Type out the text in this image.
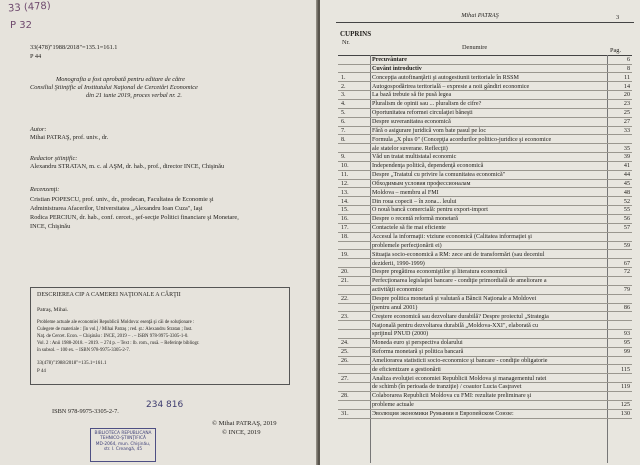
33 (478)
P 32
33(478)"1988/2018"=135.1=161.1
P 44
Monografia a fost aprobată pentru editare de către
Consiliul Ştiinţific al Institutului Naţional de Cercetări Economice
din 21 iunie 2019, proces verbal nr. 2.
Autor:
Mihai PATRAŞ, prof. univ., dr.
Redactor ştiinţific:
Alexandru STRATAN, m. c. al AŞM, dr. hab., prof., director INCE, Chişinău
Recenzenţi:
Cristian POPESCU, prof. univ., dr., prodecan, Facultatea de Economie şi
Administrarea Afacerilor, Universitatea „Alexandru Ioan Cuza", Iaşi
Rodica PERCIUN, dr. hab., conf. cercet., şef-secţie Politici financiare şi Monetare,
INCE, Chişinău
DESCRIEREA CIP A CAMEREI NAŢIONALE A CĂRŢII
Patraş, Mihai.
Probleme actuale ale economiei Republicii Moldova: esenţă şi căi de soluţionare :
Culegere de materiale : [în vol.] / Mihai Patraş ; red. şt.: Alexandru Stratan ; Inst.
Naţ. de Cercet. Econ. – Chişinău : INCE, 2019 – . – ISBN 978-9975-3305-1-0.
Vol. 2 : Anii 1988-2018. – 2019. – 274 p. – Text : lb. rom., rusă. – Referinţe bibliogr.
în subsol. – 100 ex. – ISBN 978-9975-3305-2-7.
33(478)"1988/2018"=135.1=161.1
P 44
ISBN 978-9975-3305-2-7.
234 816
© Mihai PATRAŞ, 2019
© INCE, 2019
BIBLIOTECA REPUBLICANA
TEHNICO-ŞTIINŢIFICĂ
MD-2064, mun. Chişinău,
str. I. Creangă, 45
Mihai PATRAŞ	3
CUPRINS
Nr.
Denumire	Pag.
Precuvântare	6
Cuvânt introductiv	8
1.	Concepţia autofinanţării şi autogestiunii teritoriale în RSSM	11
2.	Autogospodărirea teritorială – expresie a noii gândiri economice	14
3.	La bază trebuie să fie pusă legea	20
4.	Pluralism de opinii sau ... pluralism de cifre?	23
5.	Oportunitatea reformei circulaţiei băneşti	25
6.	Despre suveranitatea economică	27
7.	Fără o asigurare juridică vom bate pasul pe loc	33
8.	Formula „X plus 0" (Concepţia acordurilor politico-juridice şi economice
ale statelor suverane. Reflecţii)	35
9.	Văd un tratat multistatal economic	39
10.	Independenţa politică, dependenţă economică	41
11.	Despre „Tratatul cu privire la comunitatea economică"	44
12.	Обходимым условия профессионалам	45
13.	Moldova – membru al FMI	48
14.	Din roua copecii – în zona... leului	52
15.	O nouă bancă comercială: pentru export-import	55
16.	Despre o recentă reformă monetară	56
17.	Contactele să fie mai eficiente	57
18.	Accesul la informaţii: viziune economică (Calitatea informaţiei şi
problemele perfecţionării ei)	59
19.	Situaţia socio-economică a RM: zece ani de transformări (sau deceniul
deziderii, 1990-1999)	67
20.	Despre pregătirea economiştilor şi literatura economică	72
21.	Perfecţionarea legislaţiei bancare - condiţie primordială de ameliorare a
activităţii economice	79
22.	Despre politica monetară şi valutară a Băncii Naţionale a Moldovei
(pentru anul 2001)	86
23.	Creştere economică sau dezvoltare durabilă? Despre proiectul „Strategia
Naţională pentru dezvoltarea durabilă „Moldova-XXI", elaborată cu
sprijinul PNUD (2000)	93
24.	Moneda euro şi perspectiva dolarului	95
25.	Reforma monetară şi politica bancară	99
26.	Ameliorarea statisticii socio-economice şi bancare - condiţie obligatorie
de eficientizare a gestionării	115
27.	Analiza evoluţiei economiei Republicii Moldova şi managementul ratei
de schimb (în perioada de tranziţie) / coautor Lucia Casţravet	119
28.	Colaborarea Republicii Moldova cu FMI: rezultate preliminare şi
probleme actuale	125
31.	Эволюция экономики Румынии в Европейском Союзе:	130
